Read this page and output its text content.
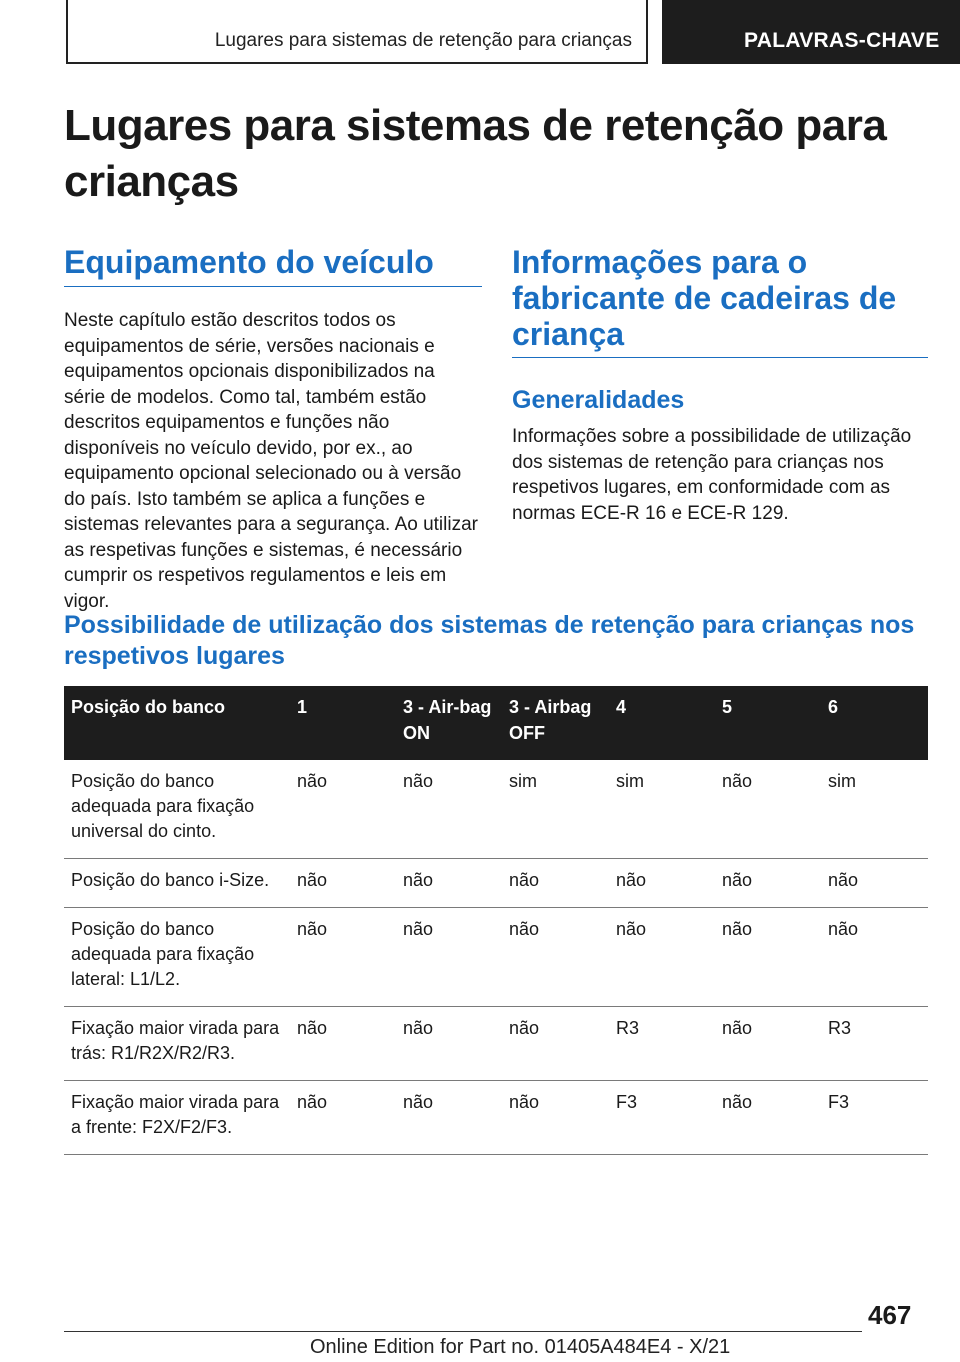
Lugares para sistemas de retenção para crianças	PALAVRAS-CHAVE
Lugares para sistemas de retenção para crianças
Equipamento do veículo

Neste capítulo estão descritos todos os equipamentos de série, versões nacionais e equipamentos opcionais disponibilizados na série de modelos. Como tal, também estão descritos equipamentos e funções não disponíveis no veículo devido, por ex., ao equipamento opcional selecionado ou à versão do país. Isto também se aplica a funções e sistemas relevantes para a segurança. Ao utilizar as respetivas funções e sistemas, é necessário cumprir os respetivos regulamentos e leis em vigor.

Informações para o fabricante de cadeiras de criança
Generalidades

Informações sobre a possibilidade de utilização dos sistemas de retenção para crianças nos respetivos lugares, em conformidade com as normas ECE-R 16 e ECE-R 129.

Possibilidade de utilização dos sistemas de retenção para crianças nos respetivos lugares
Posição do banco	1	3 - Air-bag ON	3 - Airbag OFF	4	5	6
Posição do banco adequada para fixação universal do cinto.	não	não	sim	sim	não	sim
Posição do banco i-Size.	não	não	não	não	não	não
Posição do banco adequada para fixação lateral: L1/L2.	não	não	não	não	não	não
Fixação maior virada para trás: R1/R2X/R2/R3.	não	não	não	R3	não	R3
Fixação maior virada para a frente: F2X/F2/F3.	não	não	não	F3	não	F3
467
Online Edition for Part no. 01405A484E4 - X/21
